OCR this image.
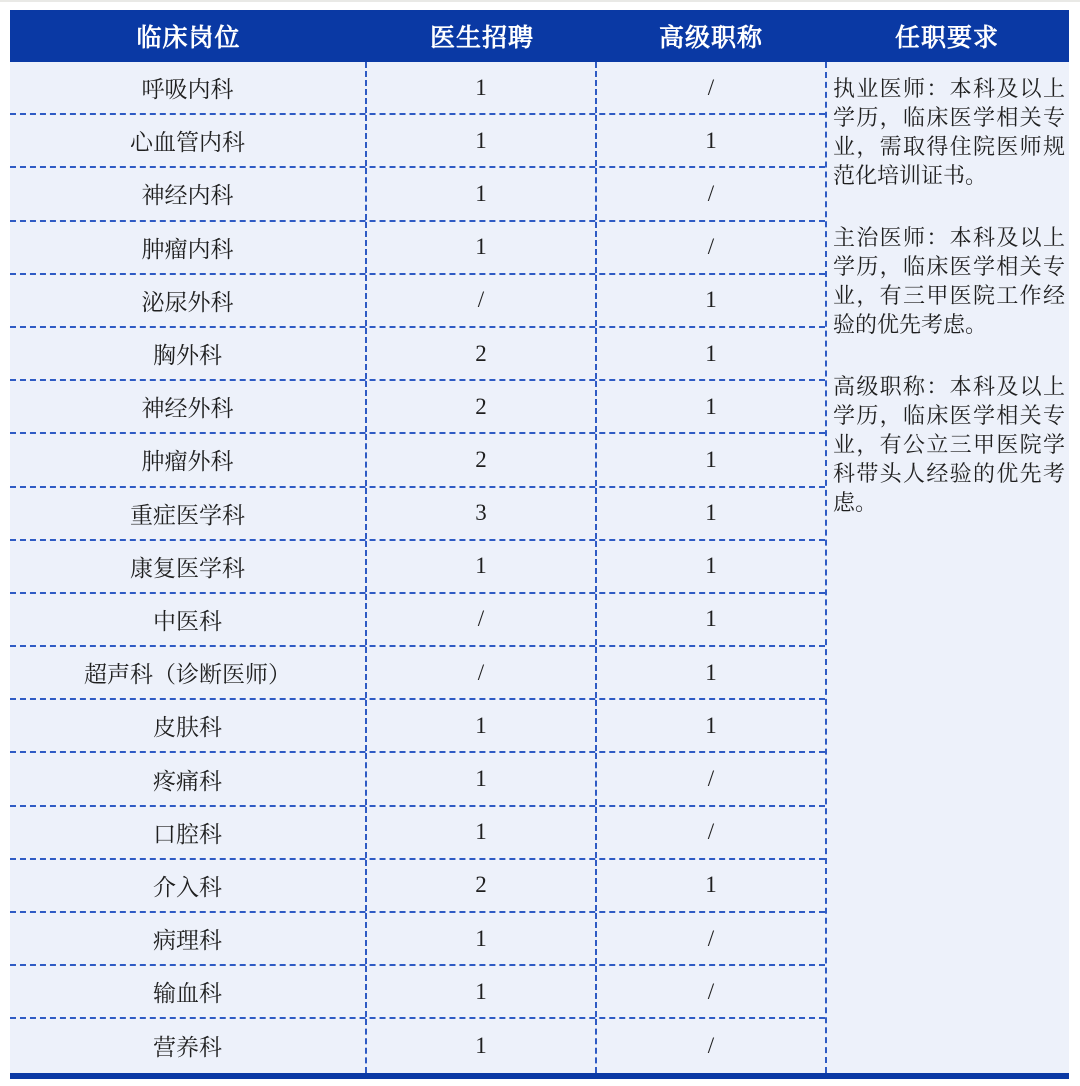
临床岗位	医生招聘	高级职称	任职要求
呼吸内科	1	/
心血管内科	1	1
神经内科	1	/
肿瘤内科	1	/
泌尿外科	/	1
胸外科	2	1
神经外科	2	1
肿瘤外科	2	1
重症医学科	3	1
康复医学科	1	1
中医科	/	1
超声科（诊断医师）	/	1
皮肤科	1	1
疼痛科	1	/
口腔科	1	/
介入科	2	1
病理科	1	/
输血科	1	/
营养科	1	/

执业医师：本科及以上学历，临床医学相关专业，需取得住院医师规范化培训证书。

主治医师：本科及以上学历，临床医学相关专业，有三甲医院工作经验的优先考虑。

高级职称：本科及以上学历，临床医学相关专业，有公立三甲医院学科带头人经验的优先考虑。
